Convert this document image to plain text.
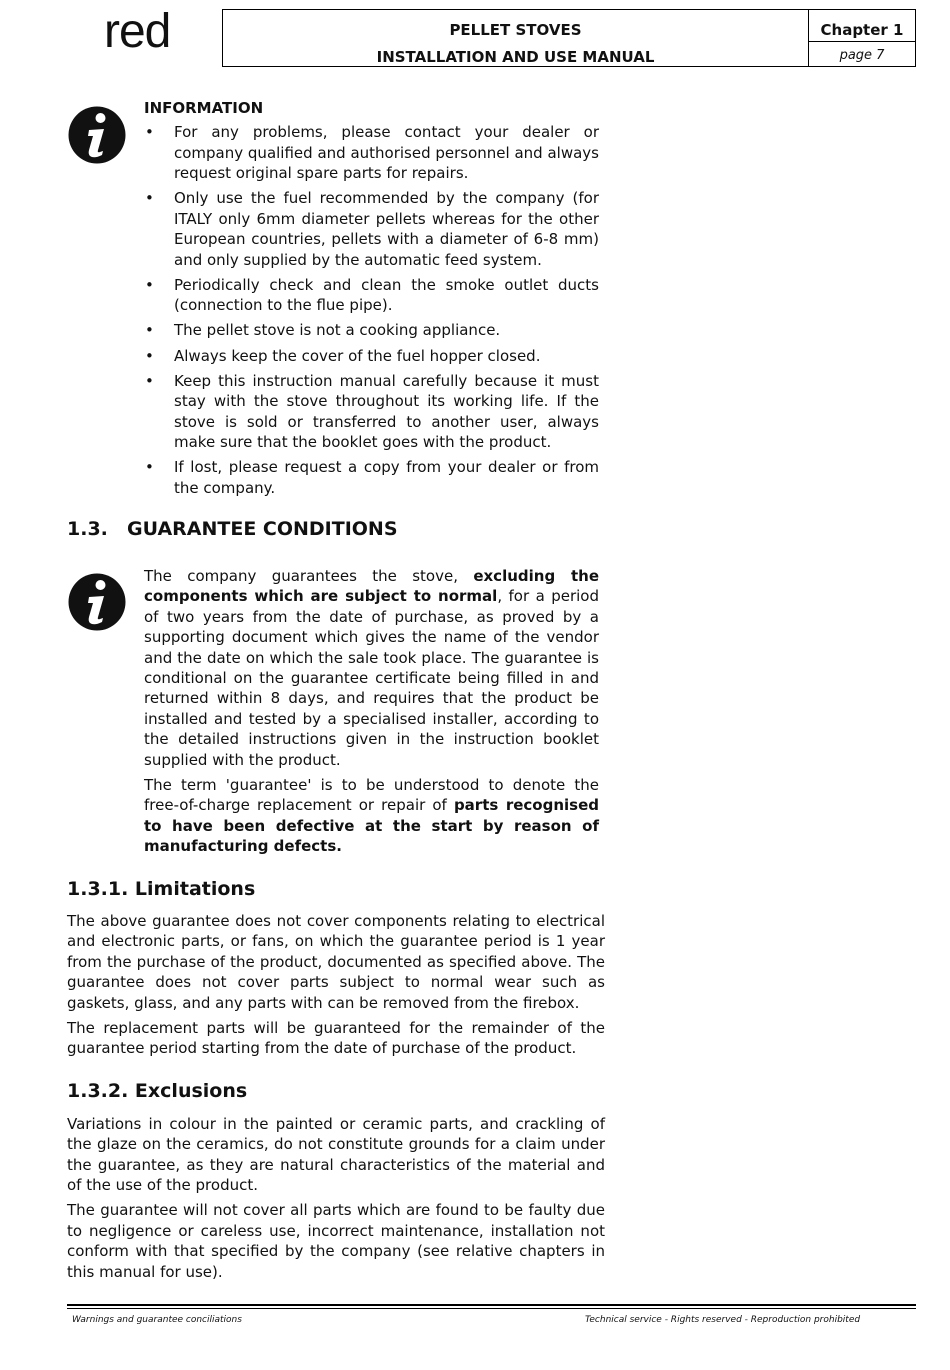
red	PELLET STOVES
INSTALLATION AND USE MANUAL
Chapter 1
page 7
INFORMATION
• For any problems, please contact your dealer or company qualified and authorised personnel and always request original spare parts for repairs.
• Only use the fuel recommended by the company (for ITALY only 6mm diameter pellets whereas for the other European countries, pellets with a diameter of 6-8 mm) and only supplied by the automatic feed system.
• Periodically check and clean the smoke outlet ducts (connection to the flue pipe).
• The pellet stove is not a cooking appliance.
• Always keep the cover of the fuel hopper closed.
• Keep this instruction manual carefully because it must stay with the stove throughout its working life. If the stove is sold or transferred to another user, always make sure that the booklet goes with the product.
• If lost, please request a copy from your dealer or from the company.
1.3. GUARANTEE CONDITIONS

The company guarantees the stove, excluding the components which are subject to normal, for a period of two years from the date of purchase, as proved by a supporting document which gives the name of the vendor and the date on which the sale took place. The guarantee is conditional on the guarantee certificate being filled in and returned within 8 days, and requires that the product be installed and tested by a specialised installer, according to the detailed instructions given in the instruction booklet supplied with the product.

The term 'guarantee' is to be understood to denote the free-of-charge replacement or repair of parts recognised to have been defective at the start by reason of manufacturing defects.

1.3.1. Limitations

The above guarantee does not cover components relating to electrical and electronic parts, or fans, on which the guarantee period is 1 year from the purchase of the product, documented as specified above. The guarantee does not cover parts subject to normal wear such as gaskets, glass, and any parts with can be removed from the firebox.

The replacement parts will be guaranteed for the remainder of the guarantee period starting from the date of purchase of the product.

1.3.2. Exclusions

Variations in colour in the painted or ceramic parts, and crackling of the glaze on the ceramics, do not constitute grounds for a claim under the guarantee, as they are natural characteristics of the material and of the use of the product.

The guarantee will not cover all parts which are found to be faulty due to negligence or careless use, incorrect maintenance, installation not conform with that specified by the company (see relative chapters in this manual for use).

Warnings and guarantee conciliations	Technical service - Rights reserved - Reproduction prohibited
